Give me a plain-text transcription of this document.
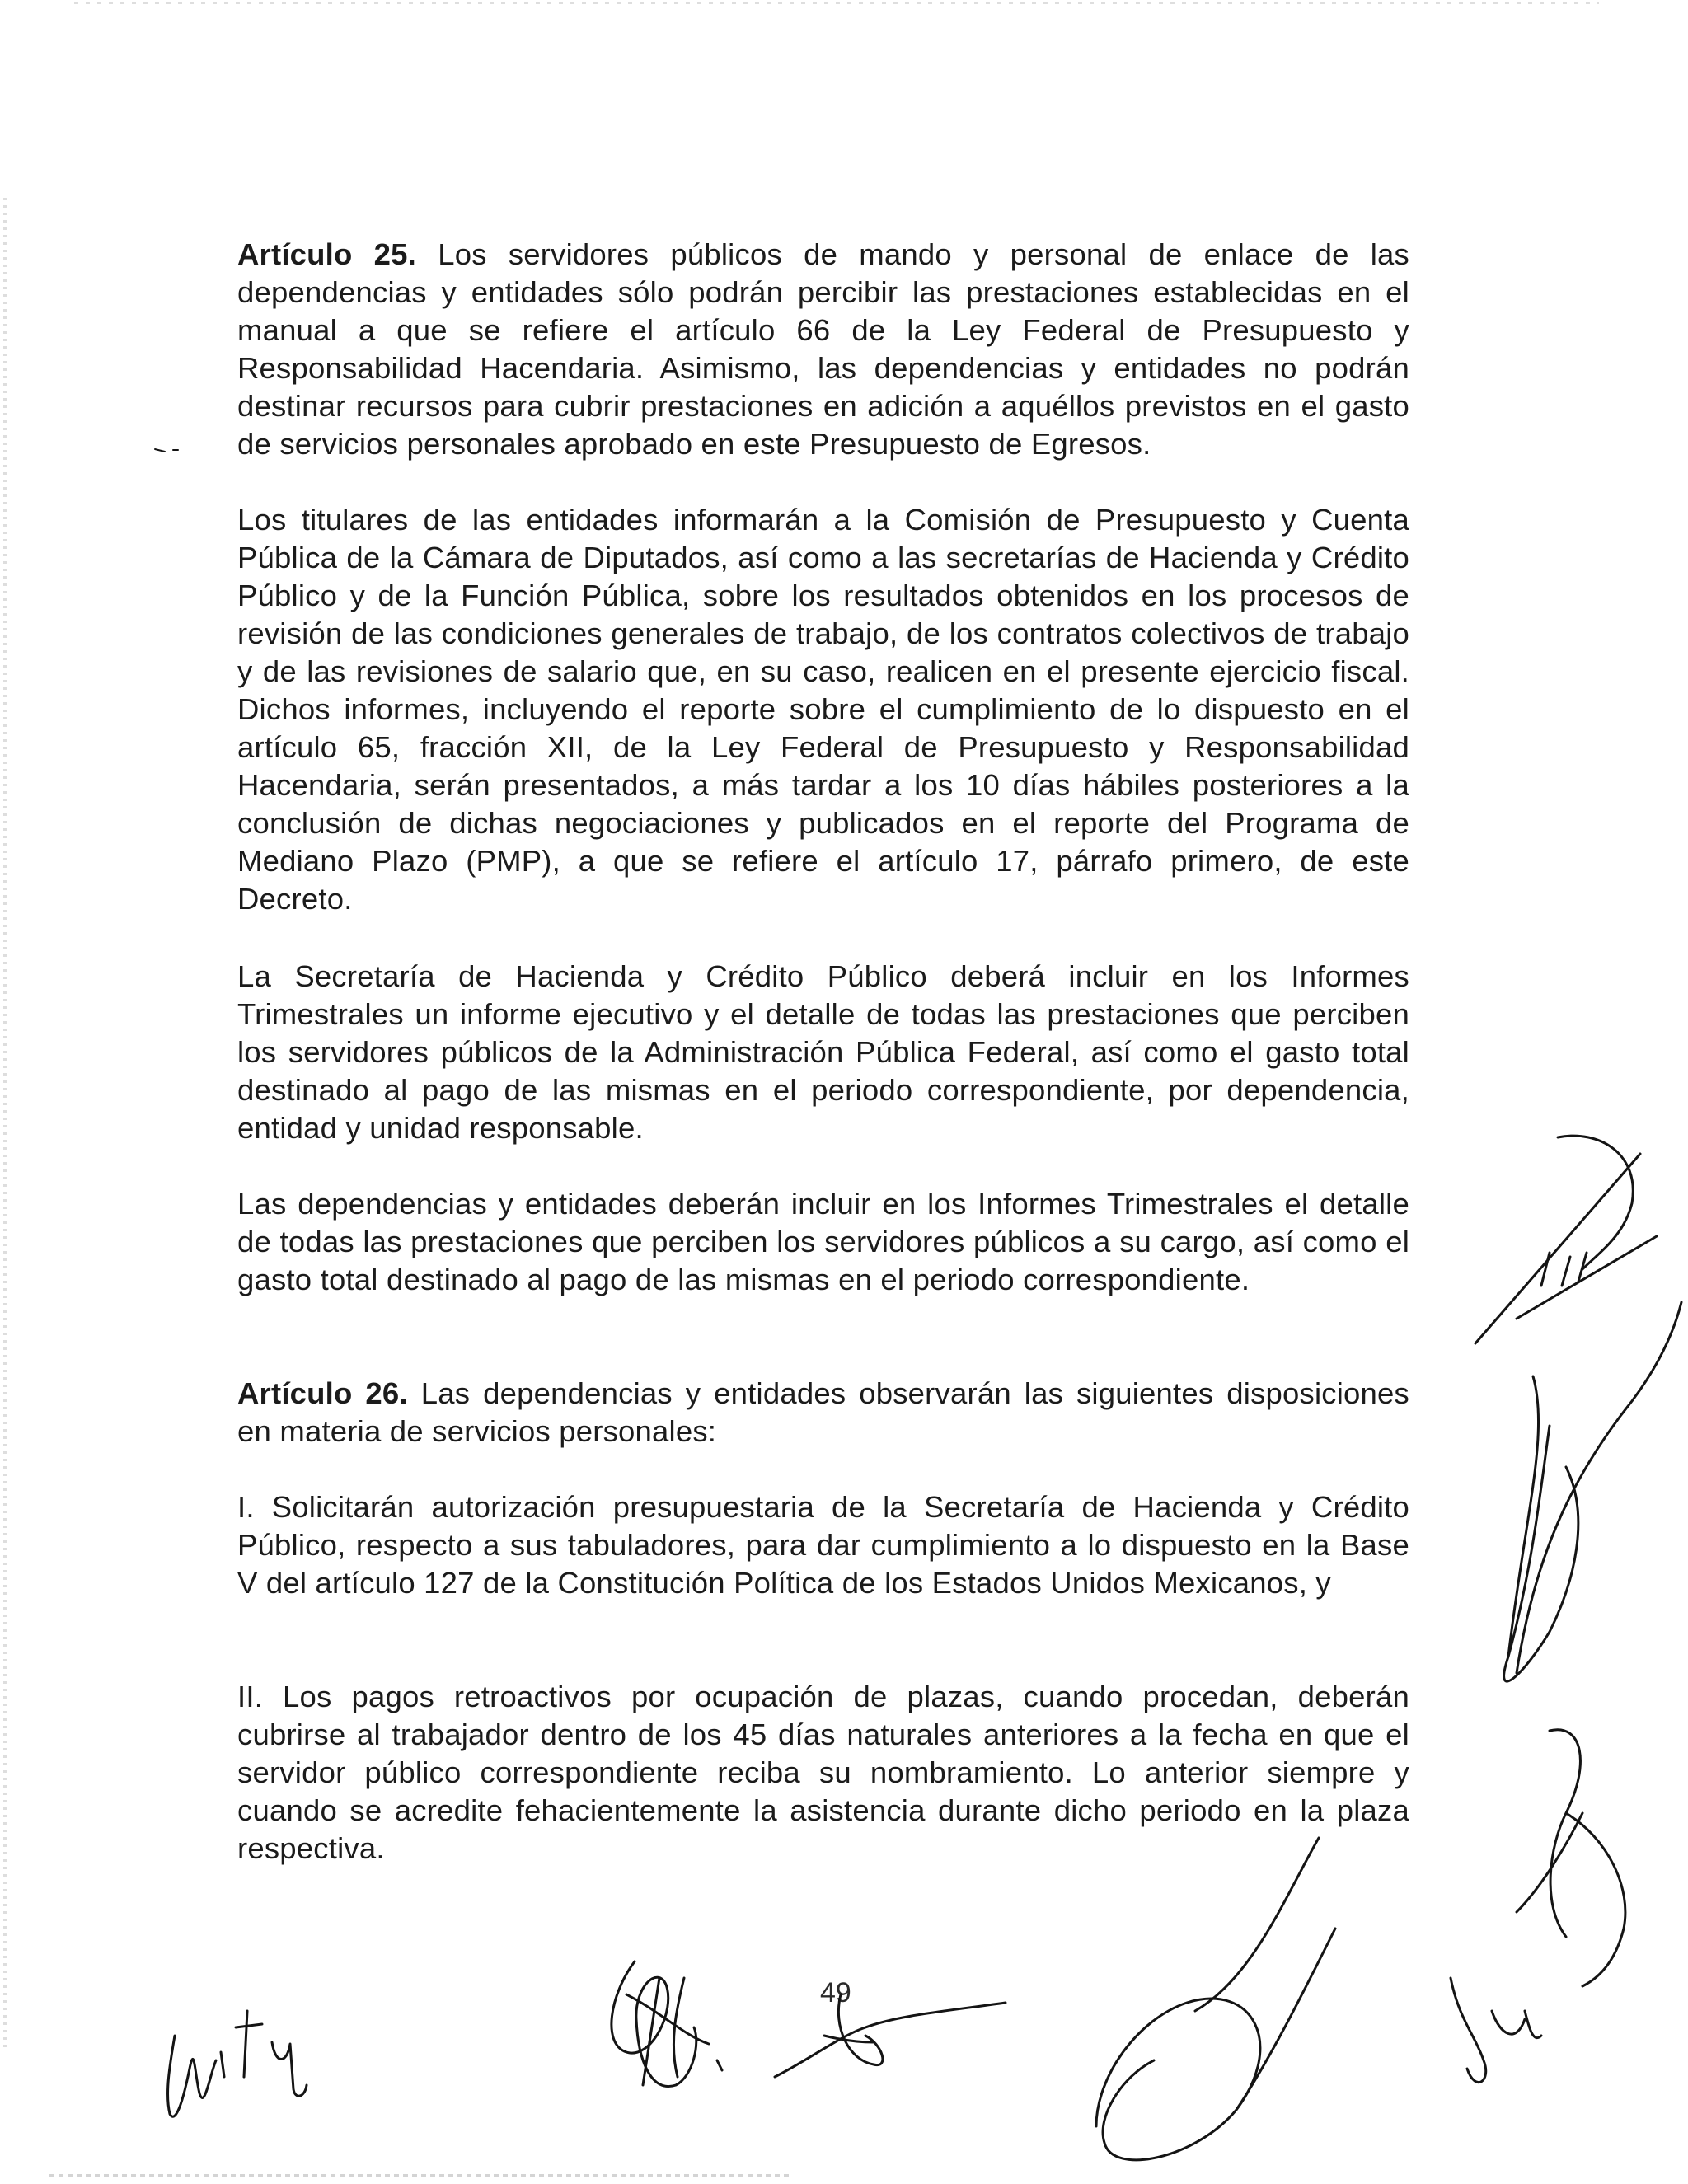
Artículo 25. Los servidores públicos de mando y personal de enlace de las dependencias y entidades sólo podrán percibir las prestaciones establecidas en el manual a que se refiere el artículo 66 de la Ley Federal de Presupuesto y Responsabilidad Hacendaria. Asimismo, las dependencias y entidades no podrán destinar recursos para cubrir prestaciones en adición a aquéllos previstos en el gasto de servicios personales aprobado en este Presupuesto de Egresos.

Los titulares de las entidades informarán a la Comisión de Presupuesto y Cuenta Pública de la Cámara de Diputados, así como a las secretarías de Hacienda y Crédito Público y de la Función Pública, sobre los resultados obtenidos en los procesos de revisión de las condiciones generales de trabajo, de los contratos colectivos de trabajo y de las revisiones de salario que, en su caso, realicen en el presente ejercicio fiscal. Dichos informes, incluyendo el reporte sobre el cumplimiento de lo dispuesto en el artículo 65, fracción XII, de la Ley Federal de Presupuesto y Responsabilidad Hacendaria, serán presentados, a más tardar a los 10 días hábiles posteriores a la conclusión de dichas negociaciones y publicados en el reporte del Programa de Mediano Plazo (PMP), a que se refiere el artículo 17, párrafo primero, de este Decreto.

La Secretaría de Hacienda y Crédito Público deberá incluir en los Informes Trimestrales un informe ejecutivo y el detalle de todas las prestaciones que perciben los servidores públicos de la Administración Pública Federal, así como el gasto total destinado al pago de las mismas en el periodo correspondiente, por dependencia, entidad y unidad responsable.

Las dependencias y entidades deberán incluir en los Informes Trimestrales el detalle de todas las prestaciones que perciben los servidores públicos a su cargo, así como el gasto total destinado al pago de las mismas en el periodo correspondiente.

Artículo 26. Las dependencias y entidades observarán las siguientes disposiciones en materia de servicios personales:

I. Solicitarán autorización presupuestaria de la Secretaría de Hacienda y Crédito Público, respecto a sus tabuladores, para dar cumplimiento a lo dispuesto en la Base V del artículo 127 de la Constitución Política de los Estados Unidos Mexicanos, y

II. Los pagos retroactivos por ocupación de plazas, cuando procedan, deberán cubrirse al trabajador dentro de los 45 días naturales anteriores a la fecha en que el servidor público correspondiente reciba su nombramiento. Lo anterior siempre y cuando se acredite fehacientemente la asistencia durante dicho periodo en la plaza respectiva.

49
